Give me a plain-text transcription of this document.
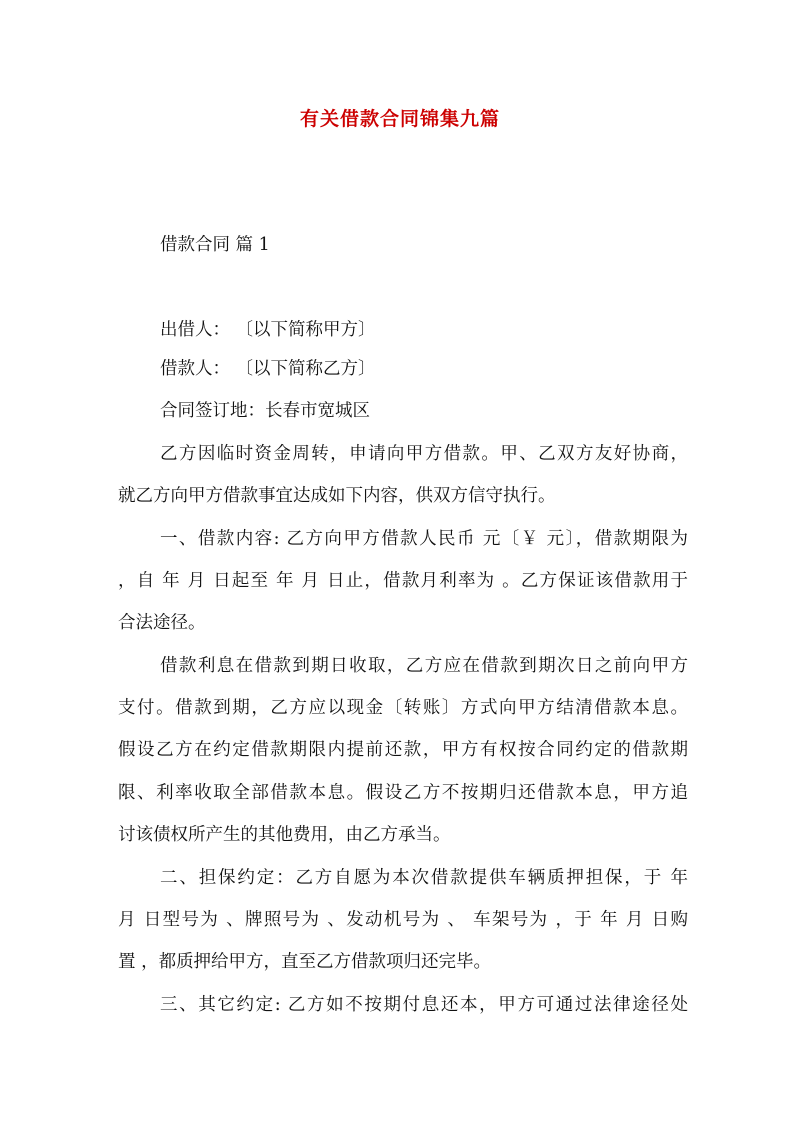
有关借款合同锦集九篇
借款合同 篇 1
出借人： 〔以下简称甲方〕
借款人： 〔以下简称乙方〕
合同签订地：长春市宽城区
乙方因临时资金周转，申请向甲方借款。甲、乙双方友好协商，
就乙方向甲方借款事宜达成如下内容，供双方信守执行。
一、借款内容: 乙方向甲方借款人民币 元〔￥ 元〕，借款期限为
，自 年 月 日起至 年 月 日止，借款月利率为 。乙方保证该借款用于
合法途径。
借款利息在借款到期日收取，乙方应在借款到期次日之前向甲方
支付。借款到期，乙方应以现金〔转账〕方式向甲方结清借款本息。
假设乙方在约定借款期限内提前还款，甲方有权按合同约定的借款期
限、利率收取全部借款本息。假设乙方不按期归还借款本息，甲方追
讨该债权所产生的其他费用，由乙方承当。
二、担保约定：乙方自愿为本次借款提供车辆质押担保，于 年
月 日型号为 、牌照号为 、发动机号为 、 车架号为 ，于 年 月 日购
置 ，都质押给甲方，直至乙方借款项归还完毕。
三、其它约定: 乙方如不按期付息还本，甲方可通过法律途径处
